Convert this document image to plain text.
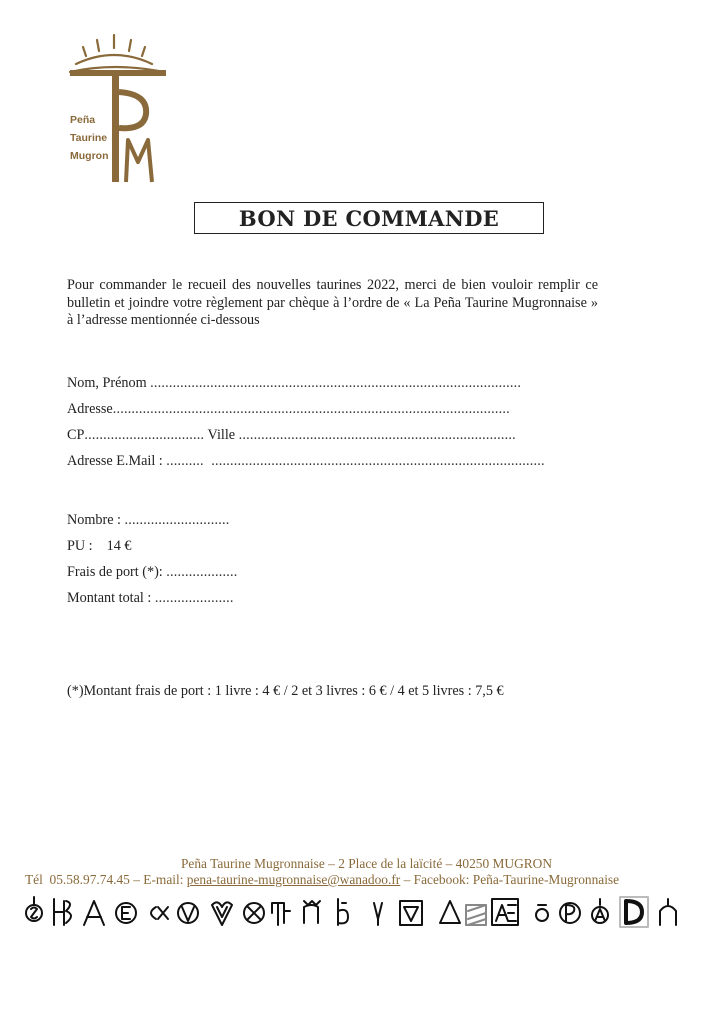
Peña
Taurine
Mugron
BON DE COMMANDE
Pour commander le recueil des nouvelles taurines 2022, merci de bien vouloir remplir ce bulletin et joindre votre règlement par chèque à l’ordre de « La Peña Taurine Mugronnaise » à l’adresse mentionnée ci-dessous
Nom, Prénom ...................................................................................................
Adresse..........................................................................................................
CP................................ Ville ..........................................................................
Adresse E.Mail : ..........  .........................................................................................
Nombre : ............................
PU : 14 €
Frais de port (*): ...................
Montant total : .....................
(*)Montant frais de port : 1 livre : 4 € / 2 et 3 livres : 6 € / 4 et 5 livres : 7,5 €
Peña Taurine Mugronnaise – 2 Place de la laïcité – 40250 MUGRON
Tél  05.58.97.74.45 – E-mail: pena-taurine-mugronnaise@wanadoo.fr – Facebook: Peña-Taurine-Mugronnaise
